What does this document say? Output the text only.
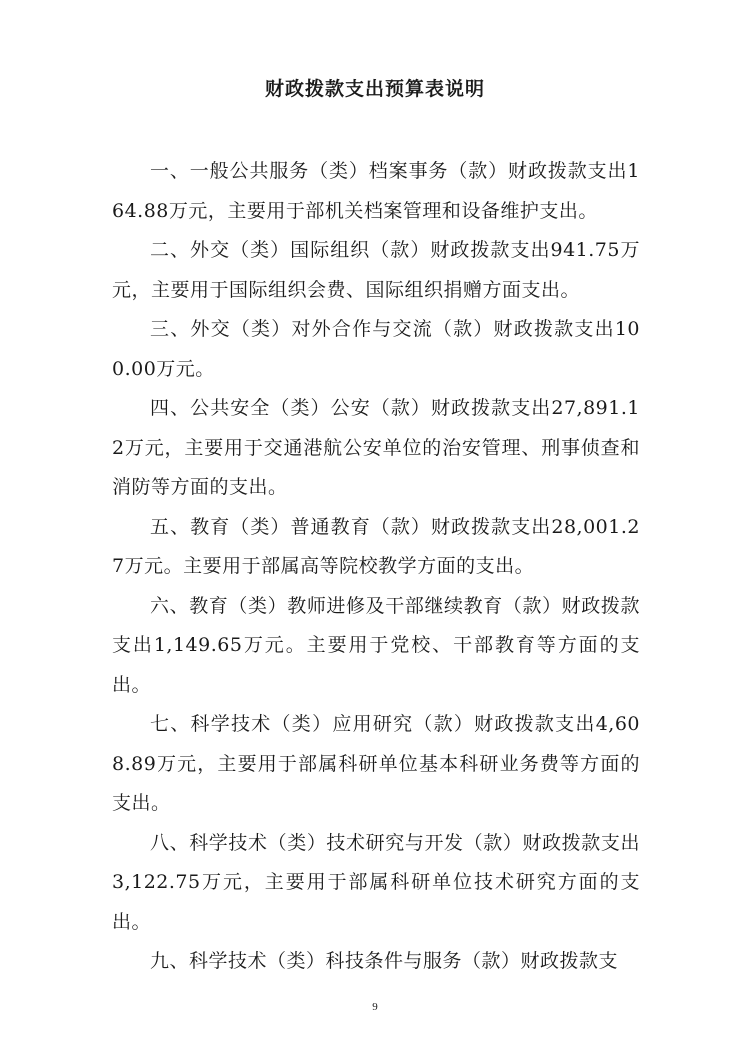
财政拨款支出预算表说明

一、一般公共服务（类）档案事务（款）财政拨款支出164.88万元，主要用于部机关档案管理和设备维护支出。

二、外交（类）国际组织（款）财政拨款支出941.75万元，主要用于国际组织会费、国际组织捐赠方面支出。

三、外交（类）对外合作与交流（款）财政拨款支出100.00万元。

四、公共安全（类）公安（款）财政拨款支出27,891.12万元，主要用于交通港航公安单位的治安管理、刑事侦查和消防等方面的支出。

五、教育（类）普通教育（款）财政拨款支出28,001.27万元。主要用于部属高等院校教学方面的支出。

六、教育（类）教师进修及干部继续教育（款）财政拨款支出1,149.65万元。主要用于党校、干部教育等方面的支出。

七、科学技术（类）应用研究（款）财政拨款支出4,608.89万元，主要用于部属科研单位基本科研业务费等方面的支出。

八、科学技术（类）技术研究与开发（款）财政拨款支出3,122.75万元，主要用于部属科研单位技术研究方面的支出。

九、科学技术（类）科技条件与服务（款）财政拨款支

9
